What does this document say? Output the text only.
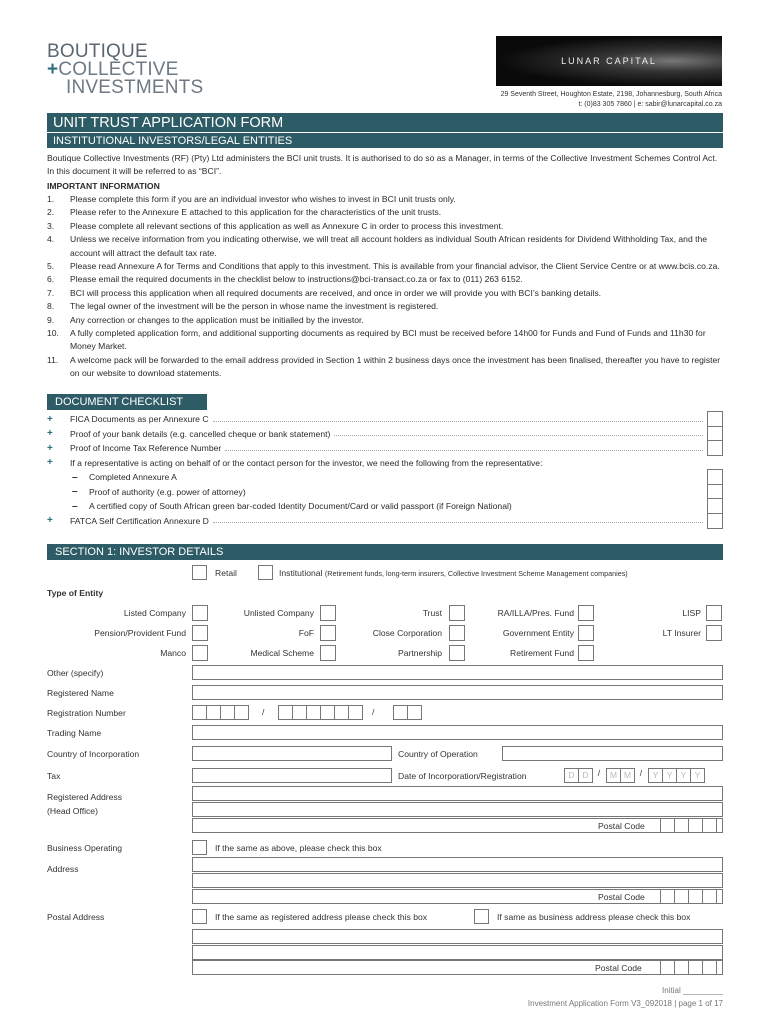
BOUTIQUE
+COLLECTIVE
INVESTMENTS
LUNAR CAPITAL
29 Seventh Street, Houghton Estate, 2198, Johannesburg, South Africa
t: (0)83 305 7860 | e: sabir@lunarcapital.co.za
UNIT TRUST APPLICATION FORM
INSTITUTIONAL INVESTORS/LEGAL ENTITIES
Boutique Collective Investments (RF) (Pty) Ltd administers the BCI unit trusts. It is authorised to do so as a Manager, in terms of the Collective Investment Schemes Control Act. In this document it will be referred to as “BCI”.
IMPORTANT INFORMATION
1.	Please complete this form if you are an individual investor who wishes to invest in BCI unit trusts only.
2.	Please refer to the Annexure E attached to this application for the characteristics of the unit trusts.
3.	Please complete all relevant sections of this application as well as Annexure C in order to process this investment.
4.	Unless we receive information from you indicating otherwise, we will treat all account holders as individual South African residents for Dividend Withholding Tax, and the account will attract the default tax rate.
5.	Please read Annexure A for Terms and Conditions that apply to this investment. This is available from your financial advisor, the Client Service Centre or at www.bcis.co.za.
6.	Please email the required documents in the checklist below to instructions@bci-transact.co.za or fax to (011) 263 6152.
7.	BCI will process this application when all required documents are received, and once in order we will provide you with BCI’s banking details.
8.	The legal owner of the investment will be the person in whose name the investment is registered.
9.	Any correction or changes to the application must be initialled by the investor.
10.	A fully completed application form, and additional supporting documents as required by BCI must be received before 14h00 for Funds and Fund of Funds and 11h30 for Money Market.
11.	A welcome pack will be forwarded to the email address provided in Section 1 within 2 business days once the investment has been finalised, thereafter you have to register on our website to download statements.
DOCUMENT CHECKLIST
+	FICA Documents as per Annexure C
+	Proof of your bank details (e.g. cancelled cheque or bank statement)
+	Proof of Income Tax Reference Number
+	If a representative is acting on behalf of or the contact person for the investor, we need the following from the representative:
–	Completed Annexure A
–	Proof of authority (e.g. power of attorney)
–	A certified copy of South African green bar-coded Identity Document/Card or valid passport (if Foreign National)
+	FATCA Self Certification Annexure D
SECTION 1: INVESTOR DETAILS
Retail	Institutional (Retirement funds, long-term insurers, Collective Investment Scheme Management companies)
Type of Entity
Listed Company	Unlisted Company	Trust	RA/ILLA/Pres. Fund	LISP
Pension/Provident Fund	FoF	Close Corporation	Government Entity	LT Insurer
Manco	Medical Scheme	Partnership	Retirement Fund
Other (specify)
Registered Name
Registration Number	/	/
Trading Name
Country of Incorporation	Country of Operation
Tax	Date of Incorporation/Registration	D D / M M / Y Y Y Y
Registered Address
(Head Office)
Postal Code
Business Operating	If the same as above, please check this box
Address
Postal Code
Postal Address	If the same as registered address please check this box	If same as business address please check this box
Postal Code
Initial _________
Investment Application Form V3_092018 | page 1 of 17
